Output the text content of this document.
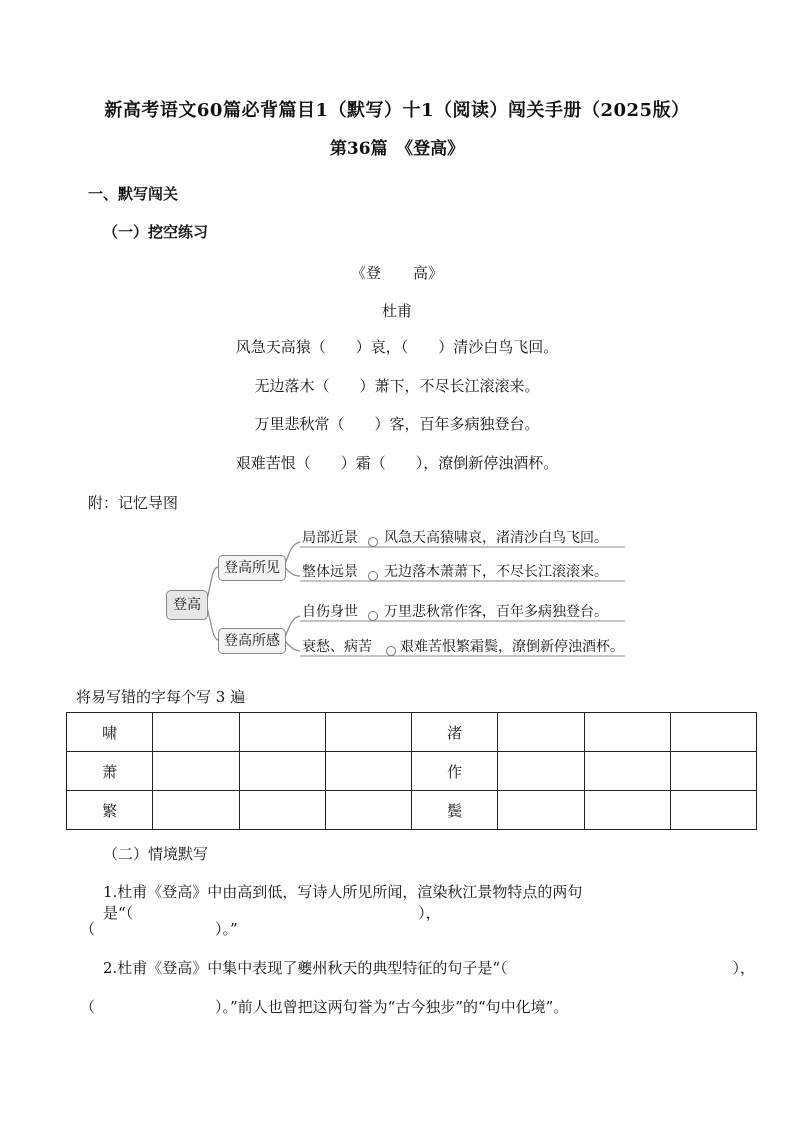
新高考语文60篇必背篇目1（默写）十1（阅读）闯关手册（2025版）
第36篇　《登高》
一、默写闯关
（一）挖空练习
《登 高》
杜甫
风急天高猿（　　）哀，（　　）清沙白鸟飞回。
无边落木（　　）萧下，不尽长江滚滚来。
万里悲秋常（　　）客，百年多病独登台。
艰难苦恨（　　）霜（　　），潦倒新停浊酒杯。
附：记忆导图
登高
登高所见
登高所感
局部近景 风急天高猿啸哀，渚清沙白鸟飞回。
整体远景 无边落木萧萧下，不尽长江滚滚来。
自伤身世 万里悲秋常作客，百年多病独登台。
衰愁、病苦 艰难苦恨繁霜鬓，潦倒新停浊酒杯。
将易写错的字每个写 3 遍
啸				渚			
萧				作			
繁				鬓			
（二）情境默写
1.杜甫《登高》中由高到低，写诗人所见所闻，渲染秋江景物特点的两句是“（　　　　　　　　　　　　　　　　　　　），
（　　　　　　　　）。”
2.杜甫《登高》中集中表现了夔州秋天的典型特征的句子是“（　　　　　　　　　　　　　　　），
（　　　　　　　　）。”前人也曾把这两句誉为“古今独步”的“句中化境”。
